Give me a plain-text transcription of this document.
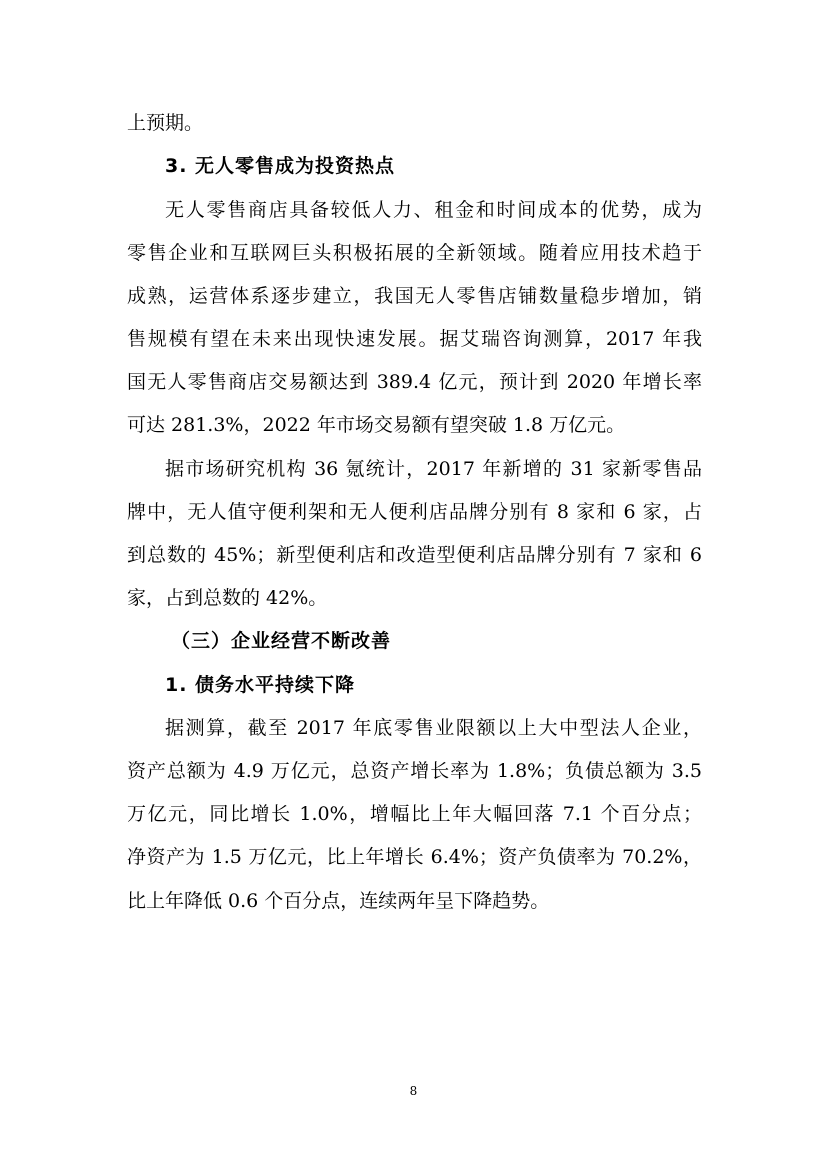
上预期。
3. 无人零售成为投资热点
无人零售商店具备较低人力、租金和时间成本的优势，成为
零售企业和互联网巨头积极拓展的全新领域。随着应用技术趋于
成熟，运营体系逐步建立，我国无人零售店铺数量稳步增加，销
售规模有望在未来出现快速发展。据艾瑞咨询测算，2017 年我
国无人零售商店交易额达到 389.4 亿元，预计到 2020 年增长率
可达 281.3%，2022 年市场交易额有望突破 1.8 万亿元。
据市场研究机构 36 氪统计，2017 年新增的 31 家新零售品
牌中，无人值守便利架和无人便利店品牌分别有 8 家和 6 家，占
到总数的 45%；新型便利店和改造型便利店品牌分别有 7 家和 6
家，占到总数的 42%。
（三）企业经营不断改善
1. 债务水平持续下降
据测算，截至 2017 年底零售业限额以上大中型法人企业，
资产总额为 4.9 万亿元，总资产增长率为 1.8%；负债总额为 3.5
万亿元，同比增长 1.0%，增幅比上年大幅回落 7.1 个百分点；
净资产为 1.5 万亿元，比上年增长 6.4%；资产负债率为 70.2%，
比上年降低 0.6 个百分点，连续两年呈下降趋势。
8
